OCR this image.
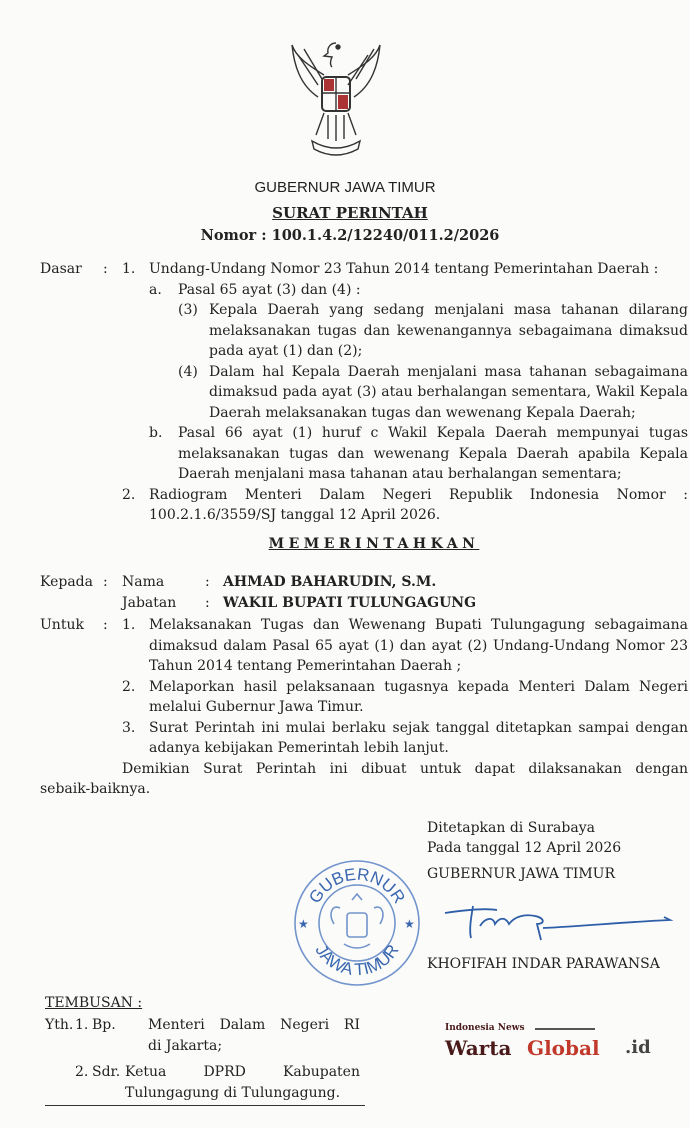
GUBERNUR JAWA TIMUR
SURAT PERINTAH
Nomor : 100.1.4.2/12240/011.2/2026
Dasar	:	1. Undang-Undang Nomor 23 Tahun 2014 tentang Pemerintahan Daerah :
a.	Pasal 65 ayat (3) dan (4) :
(3) Kepala Daerah yang sedang menjalani masa tahanan dilarang melaksanakan tugas dan kewenangannya sebagaimana dimaksud pada ayat (1) dan (2);
(4) Dalam hal Kepala Daerah menjalani masa tahanan sebagaimana dimaksud pada ayat (3) atau berhalangan sementara, Wakil Kepala Daerah melaksanakan tugas dan wewenang Kepala Daerah;
b.	Pasal 66 ayat (1) huruf c Wakil Kepala Daerah mempunyai tugas melaksanakan tugas dan wewenang Kepala Daerah apabila Kepala Daerah menjalani masa tahanan atau berhalangan sementara;
2. Radiogram Menteri Dalam Negeri Republik Indonesia Nomor : 100.2.1.6/3559/SJ tanggal 12 April 2026.
MEMERINTAHKAN
Kepada :	Nama	: AHMAD BAHARUDIN, S.M.
Jabatan	: WAKIL BUPATI TULUNGAGUNG
Untuk	:	1. Melaksanakan Tugas dan Wewenang Bupati Tulungagung sebagaimana dimaksud dalam Pasal 65 ayat (1) dan ayat (2) Undang-Undang Nomor 23 Tahun 2014 tentang Pemerintahan Daerah ;
2. Melaporkan hasil pelaksanaan tugasnya kepada Menteri Dalam Negeri melalui Gubernur Jawa Timur.
3. Surat Perintah ini mulai berlaku sejak tanggal ditetapkan sampai dengan adanya kebijakan Pemerintah lebih lanjut.
Demikian Surat Perintah ini dibuat untuk dapat dilaksanakan dengan
sebaik-baiknya.
GUBERNUR
JAWA TIMUR
★	★
Ditetapkan di Surabaya
Pada tanggal 12 April 2026
GUBERNUR JAWA TIMUR
KHOFIFAH INDAR PARAWANSA
TEMBUSAN :
Yth. 1. Bp.	Menteri Dalam Negeri RI
di Jakarta;
2. Sdr. Ketua DPRD Kabupaten
Tulungagung di Tulungagung.
Indonesia News
Warta Global .id
